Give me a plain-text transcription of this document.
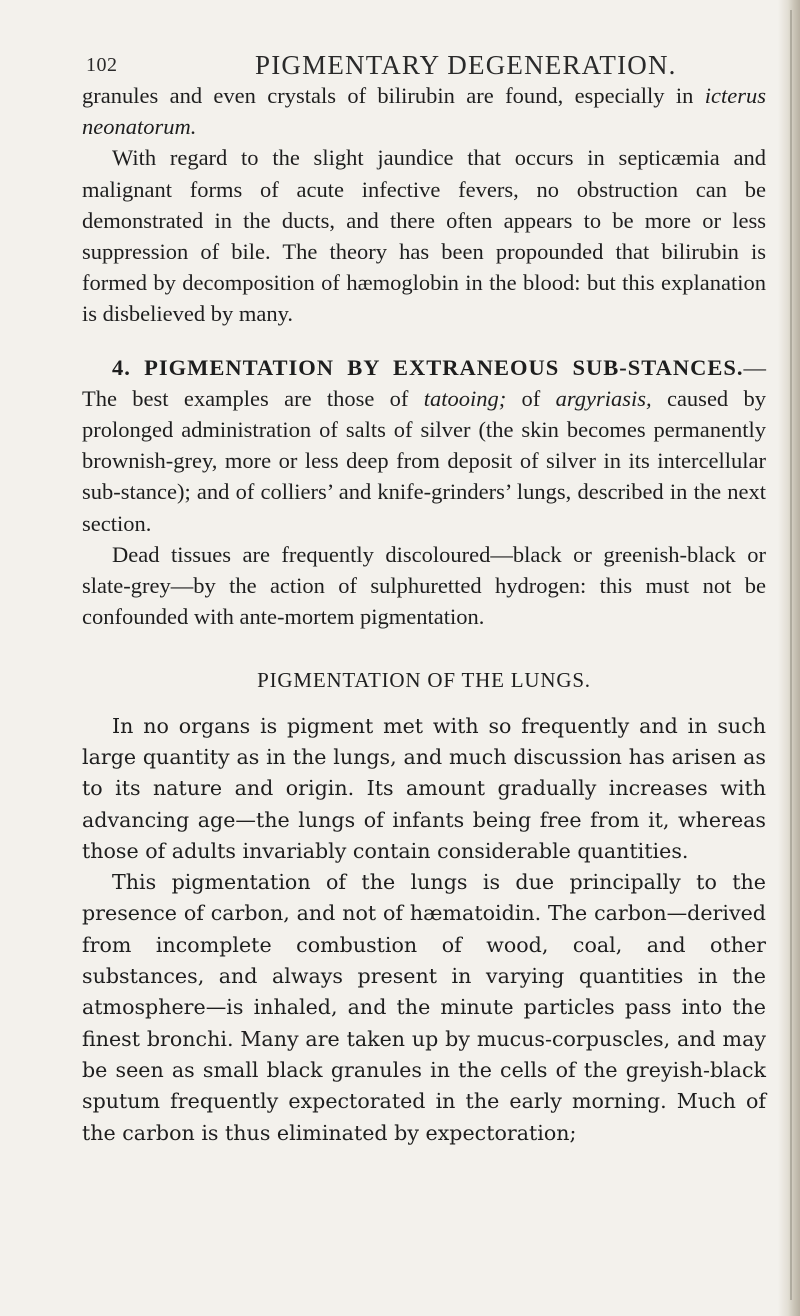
102	PIGMENTARY DEGENERATION.

granules and even crystals of bilirubin are found, especially in icterus neonatorum.

With regard to the slight jaundice that occurs in septicæmia and malignant forms of acute infective fevers, no obstruction can be demonstrated in the ducts, and there often appears to be more or less suppression of bile. The theory has been propounded that bilirubin is formed by decomposition of hæmoglobin in the blood: but this explanation is disbelieved by many.

4. PIGMENTATION BY EXTRANEOUS SUB-STANCES.—The best examples are those of tatooing; of argyriasis, caused by prolonged administration of salts of silver (the skin becomes permanently brownish-grey, more or less deep from deposit of silver in its intercellular sub-stance); and of colliers’ and knife-grinders’ lungs, described in the next section.

Dead tissues are frequently discoloured—black or greenish-black or slate-grey—by the action of sulphuretted hydrogen: this must not be confounded with ante-mortem pigmentation.

PIGMENTATION OF THE LUNGS.

In no organs is pigment met with so frequently and in such large quantity as in the lungs, and much discussion has arisen as to its nature and origin. Its amount gradually increases with advancing age—the lungs of infants being free from it, whereas those of adults invariably contain considerable quantities.

This pigmentation of the lungs is due principally to the presence of carbon, and not of hæmatoidin. The carbon—derived from incomplete combustion of wood, coal, and other substances, and always present in varying quantities in the atmosphere—is inhaled, and the minute particles pass into the finest bronchi. Many are taken up by mucus-corpuscles, and may be seen as small black granules in the cells of the greyish-black sputum frequently expectorated in the early morning. Much of the carbon is thus eliminated by expectoration;
